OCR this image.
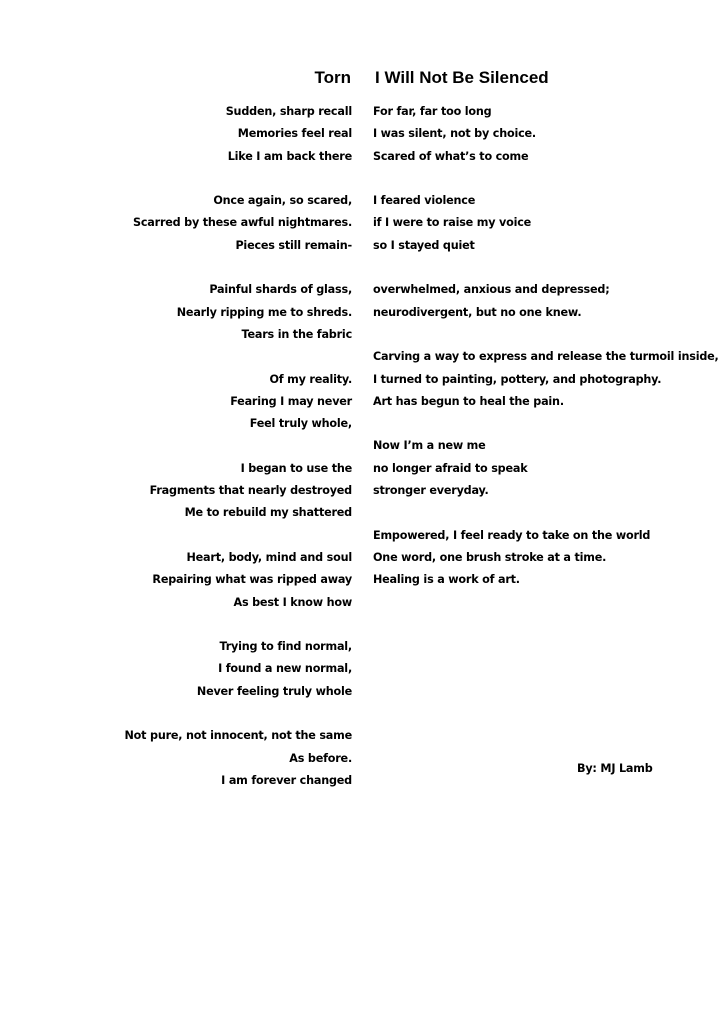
Torn I Will Not Be Silenced
Sudden, sharp recall
Memories feel real
Like I am back there
Once again, so scared,
Scarred by these awful nightmares.
Pieces still remain-
Painful shards of glass,
Nearly ripping me to shreds.
Tears in the fabric
Of my reality.
Fearing I may never
Feel truly whole,
I began to use the
Fragments that nearly destroyed
Me to rebuild my shattered
Heart, body, mind and soul
Repairing what was ripped away
As best I know how
Trying to find normal,
I found a new normal,
Never feeling truly whole
Not pure, not innocent, not the same
As before.
I am forever changed
For far, far too long
I was silent, not by choice.
Scared of what’s to come
I feared violence
if I were to raise my voice
so I stayed quiet
overwhelmed, anxious and depressed;
neurodivergent, but no one knew.
Carving a way to express and release the turmoil inside,
I turned to painting, pottery, and photography.
Art has begun to heal the pain.
Now I’m a new me
no longer afraid to speak
stronger everyday.
Empowered, I feel ready to take on the world
One word, one brush stroke at a time.
Healing is a work of art.
By: MJ Lamb
